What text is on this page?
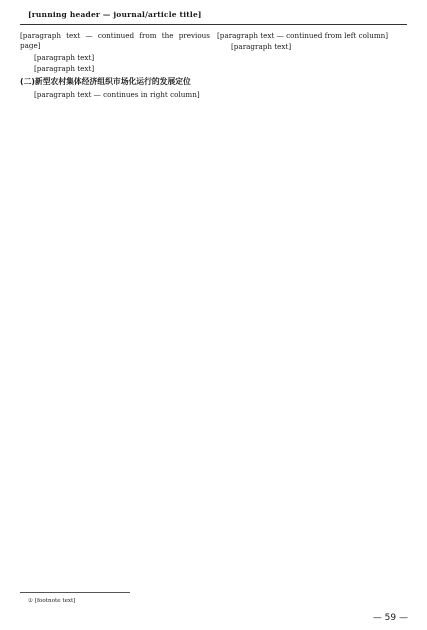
[running header — journal/article title]

[paragraph text — continued from the previous page]

[paragraph text]

[paragraph text]

(二)新型农村集体经济组织市场化运行的发展定位

[paragraph text — continues in right column]

[paragraph text — continued from left column]

[paragraph text]

① [footnote text]
— 59 —
